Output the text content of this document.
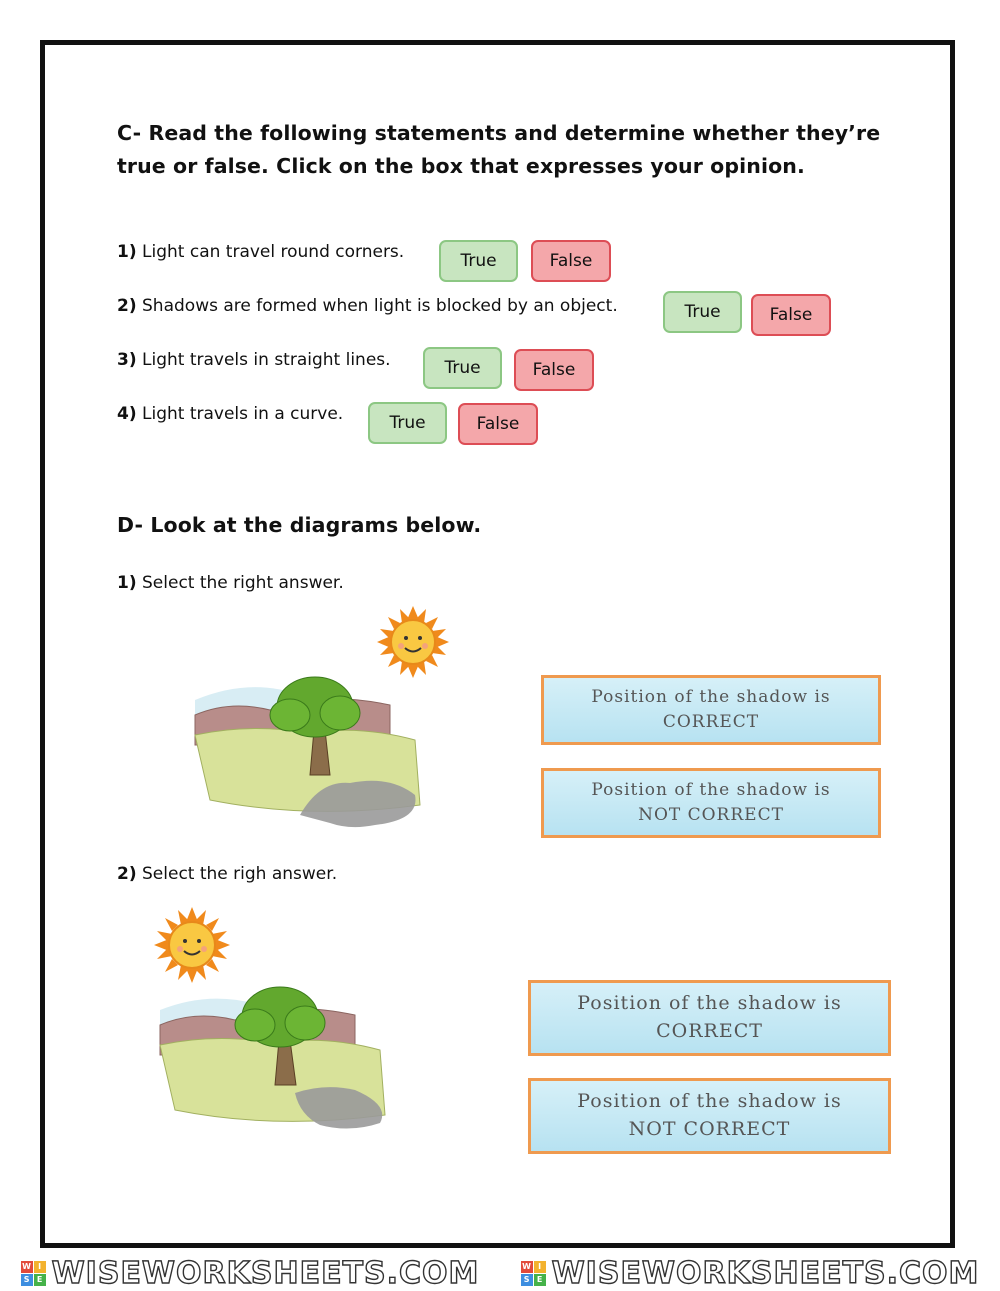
C- Read the following statements and determine whether they’re
true or false. Click on the box that expresses your opinion.
1) Light can travel round corners.	True	False
2) Shadows are formed when light is blocked by an object.	True	False
3) Light travels in straight lines.	True	False
4) Light travels in a curve.	True	False
D- Look at the diagrams below.
1) Select the right answer.
Position of the shadow is
CORRECT
Position of the shadow is
NOT CORRECT
2) Select the righ answer.
Position of the shadow is
CORRECT
Position of the shadow is
NOT CORRECT
W I
S E WISEWORKSHEETS.COM	W I
S E WISEWORKSHEETS.COM
